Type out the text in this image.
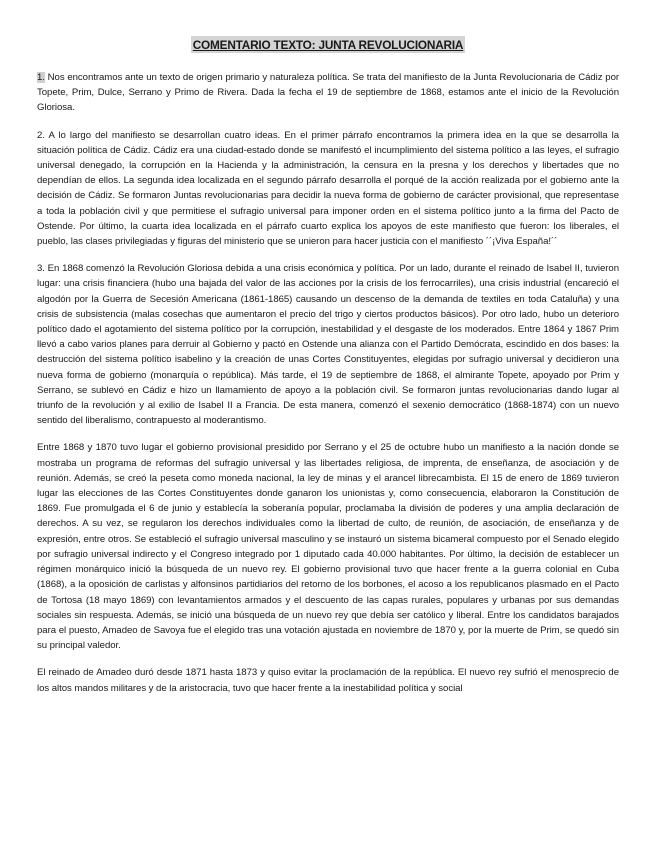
COMENTARIO TEXTO: JUNTA REVOLUCIONARIA

1. Nos encontramos ante un texto de origen primario y naturaleza política. Se trata del manifiesto de la Junta Revolucionaria de Cádiz por Topete, Prim, Dulce, Serrano y Primo de Rivera. Dada la fecha el 19 de septiembre de 1868, estamos ante el inicio de la Revolución Gloriosa.

2. A lo largo del manifiesto se desarrollan cuatro ideas. En el primer párrafo encontramos la primera idea en la que se desarrolla la situación política de Cádiz. Cádiz era una ciudad-estado donde se manifestó el incumplimiento del sistema político a las leyes, el sufragio universal denegado, la corrupción en la Hacienda y la administración, la censura en la presna y los derechos y libertades que no dependían de ellos. La segunda idea localizada en el segundo párrafo desarrolla el porqué de la acción realizada por el gobierno ante la decisión de Cádiz. Se formaron Juntas revolucionarias para decidir la nueva forma de gobierno de carácter provisional, que representase a toda la población civil y que permitiese el sufragio universal para imponer orden en el sistema político junto a la firma del Pacto de Ostende. Por último, la cuarta idea localizada en el párrafo cuarto explica los apoyos de este manifiesto que fueron: los liberales, el pueblo, las clases privilegiadas y figuras del ministerio que se unieron para hacer justicia con el manifiesto ´´¡Viva España!´´

3. En 1868 comenzó la Revolución Gloriosa debida a una crisis económica y política. Por un lado, durante el reinado de Isabel II, tuvieron lugar: una crisis financiera (hubo una bajada del valor de las acciones por la crisis de los ferrocarriles), una crisis industrial (encareció el algodón por la Guerra de Secesión Americana (1861-1865) causando un descenso de la demanda de textiles en toda Cataluña) y una crisis de subsistencia (malas cosechas que aumentaron el precio del trigo y ciertos productos básicos). Por otro lado, hubo un deterioro político dado el agotamiento del sistema político por la corrupción, inestabilidad y el desgaste de los moderados. Entre 1864 y 1867 Prim llevó a cabo varios planes para derruir al Gobierno y pactó en Ostende una alianza con el Partido Demócrata, escindido en dos bases: la destrucción del sistema político isabelino y la creación de unas Cortes Constituyentes, elegidas por sufragio universal y decidieron una nueva forma de gobierno (monarquía o república). Más tarde, el 19 de septiembre de 1868, el almirante Topete, apoyado por Prim y Serrano, se sublevó en Cádiz e hizo un llamamiento de apoyo a la población civil. Se formaron juntas revolucionarias dando lugar al triunfo de la revolución y al exilio de Isabel II a Francia. De esta manera, comenzó el sexenio democrático (1868-1874) con un nuevo sentido del liberalismo, contrapuesto al moderantismo.

Entre 1868 y 1870 tuvo lugar el gobierno provisional presidido por Serrano y el 25 de octubre hubo un manifiesto a la nación donde se mostraba un programa de reformas del sufragio universal y las libertades religiosa, de imprenta, de enseñanza, de asociación y de reunión. Además, se creó la peseta como moneda nacional, la ley de minas y el arancel librecambista. El 15 de enero de 1869 tuvieron lugar las elecciones de las Cortes Constituyentes donde ganaron los unionistas y, como consecuencia, elaboraron la Constitución de 1869. Fue promulgada el 6 de junio y establecía la soberanía popular, proclamaba la división de poderes y una amplia declaración de derechos. A su vez, se regularon los derechos individuales como la libertad de culto, de reunión, de asociación, de enseñanza y de expresión, entre otros. Se estableció el sufragio universal masculino y se instauró un sistema bicameral compuesto por el Senado elegido por sufragio universal indirecto y el Congreso integrado por 1 diputado cada 40.000 habitantes. Por último, la decisión de establecer un régimen monárquico inició la búsqueda de un nuevo rey. El gobierno provisional tuvo que hacer frente a la guerra colonial en Cuba (1868), a la oposición de carlistas y alfonsinos partidiarios del retorno de los borbones, el acoso a los republicanos plasmado en el Pacto de Tortosa (18 mayo 1869) con levantamientos armados y el descuento de las capas rurales, populares y urbanas por sus demandas sociales sin respuesta. Además, se inició una búsqueda de un nuevo rey que debía ser católico y liberal. Entre los candidatos barajados para el puesto, Amadeo de Savoya fue el elegido tras una votación ajustada en noviembre de 1870 y, por la muerte de Prim, se quedó sin su principal valedor.

El reinado de Amadeo duró desde 1871 hasta 1873 y quiso evitar la proclamación de la república. El nuevo rey sufrió el menosprecio de los altos mandos militares y de la aristocracia, tuvo que hacer frente a la inestabilidad política y social
